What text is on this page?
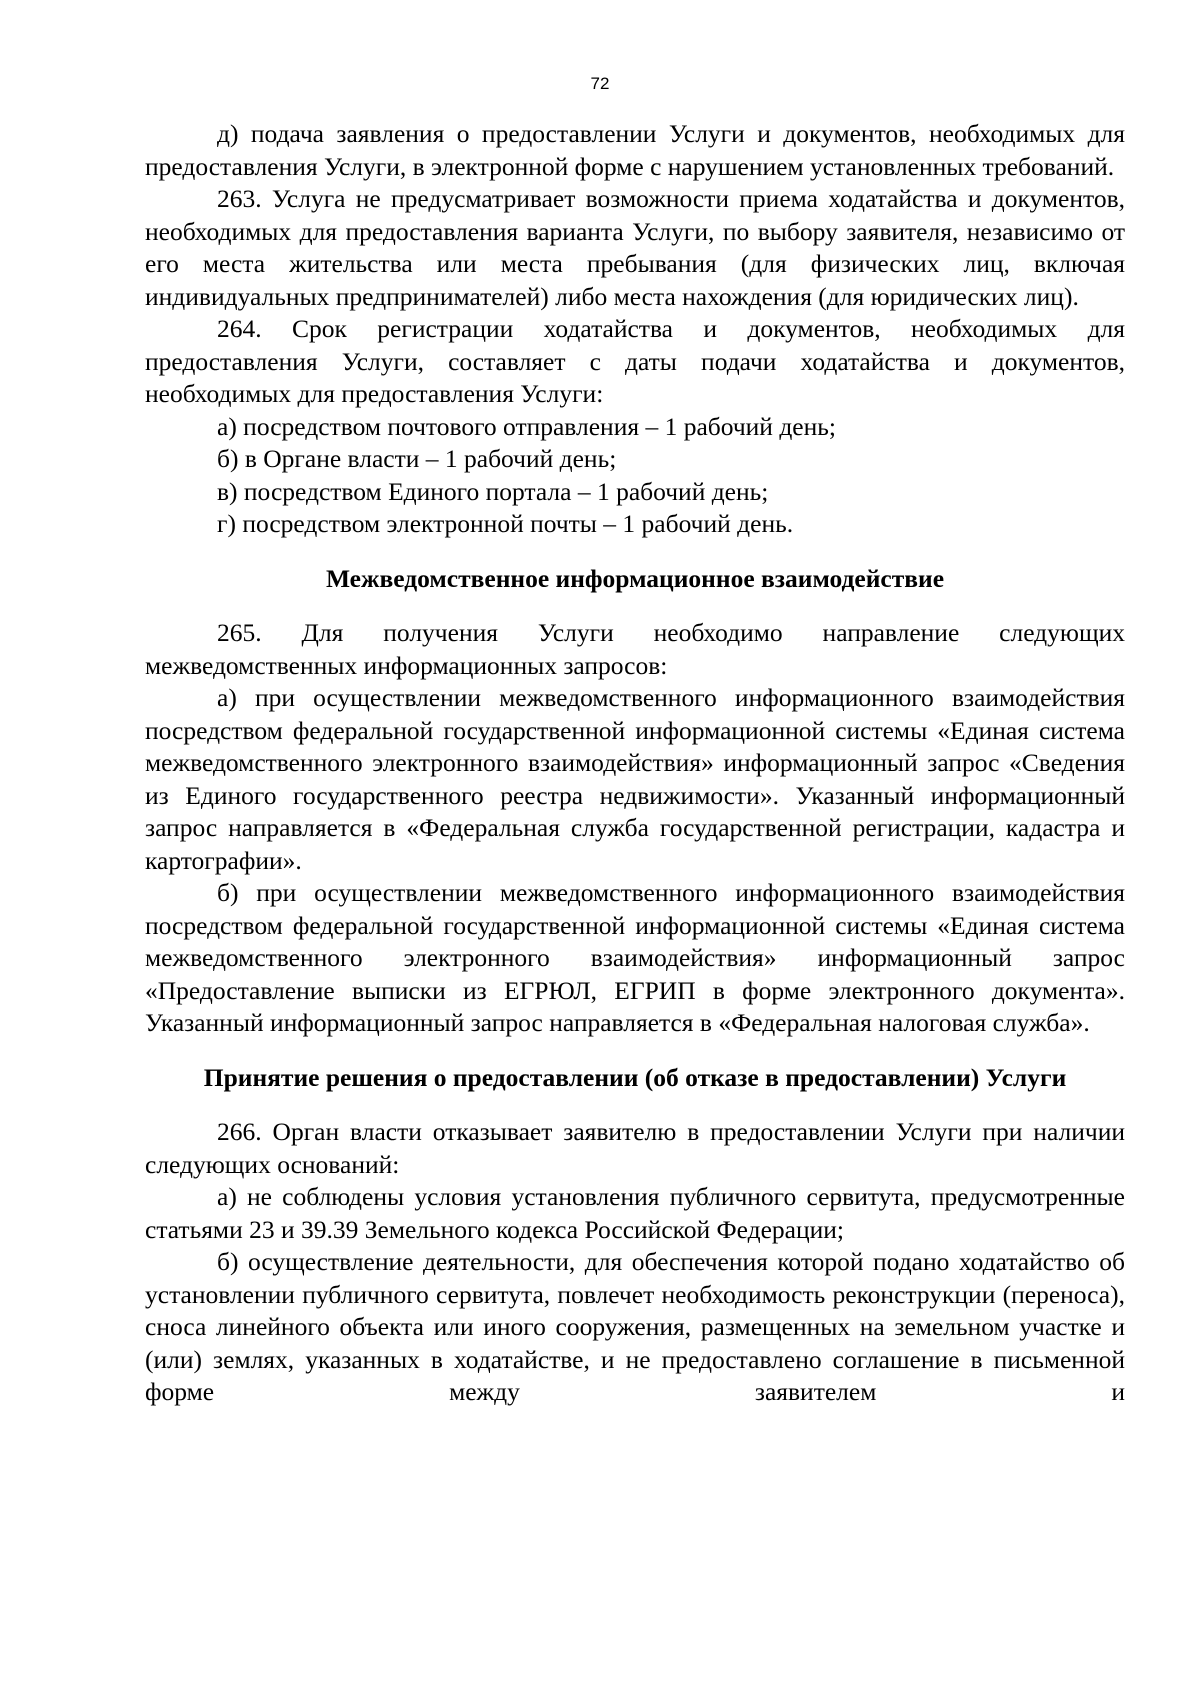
72

д) подача заявления о предоставлении Услуги и документов, необходимых для предоставления Услуги, в электронной форме с нарушением установленных требований.

263. Услуга не предусматривает возможности приема ходатайства и документов, необходимых для предоставления варианта Услуги, по выбору заявителя, независимо от его места жительства или места пребывания (для физических лиц, включая индивидуальных предпринимателей) либо места нахождения (для юридических лиц).

264. Срок регистрации ходатайства и документов, необходимых для предоставления Услуги, составляет с даты подачи ходатайства и документов, необходимых для предоставления Услуги:

а) посредством почтового отправления – 1 рабочий день;

б) в Органе власти – 1 рабочий день;

в) посредством Единого портала – 1 рабочий день;

г) посредством электронной почты – 1 рабочий день.

Межведомственное информационное взаимодействие

265. Для получения Услуги необходимо направление следующих межведомственных информационных запросов:

а) при осуществлении межведомственного информационного взаимодействия посредством федеральной государственной информационной системы «Единая система межведомственного электронного взаимодействия» информационный запрос «Сведения из Единого государственного реестра недвижимости». Указанный информационный запрос направляется в «Федеральная служба государственной регистрации, кадастра и картографии».

б) при осуществлении межведомственного информационного взаимодействия посредством федеральной государственной информационной системы «Единая система межведомственного электронного взаимодействия» информационный запрос «Предоставление выписки из ЕГРЮЛ, ЕГРИП в форме электронного документа». Указанный информационный запрос направляется в «Федеральная налоговая служба».

Принятие решения о предоставлении (об отказе в предоставлении) Услуги

266. Орган власти отказывает заявителю в предоставлении Услуги при наличии следующих оснований:

а) не соблюдены условия установления публичного сервитута, предусмотренные статьями 23 и 39.39 Земельного кодекса Российской Федерации;

б) осуществление деятельности, для обеспечения которой подано ходатайство об установлении публичного сервитута, повлечет необходимость реконструкции (переноса), сноса линейного объекта или иного сооружения, размещенных на земельном участке и (или) землях, указанных в ходатайстве, и не предоставлено соглашение в письменной форме между заявителем и
